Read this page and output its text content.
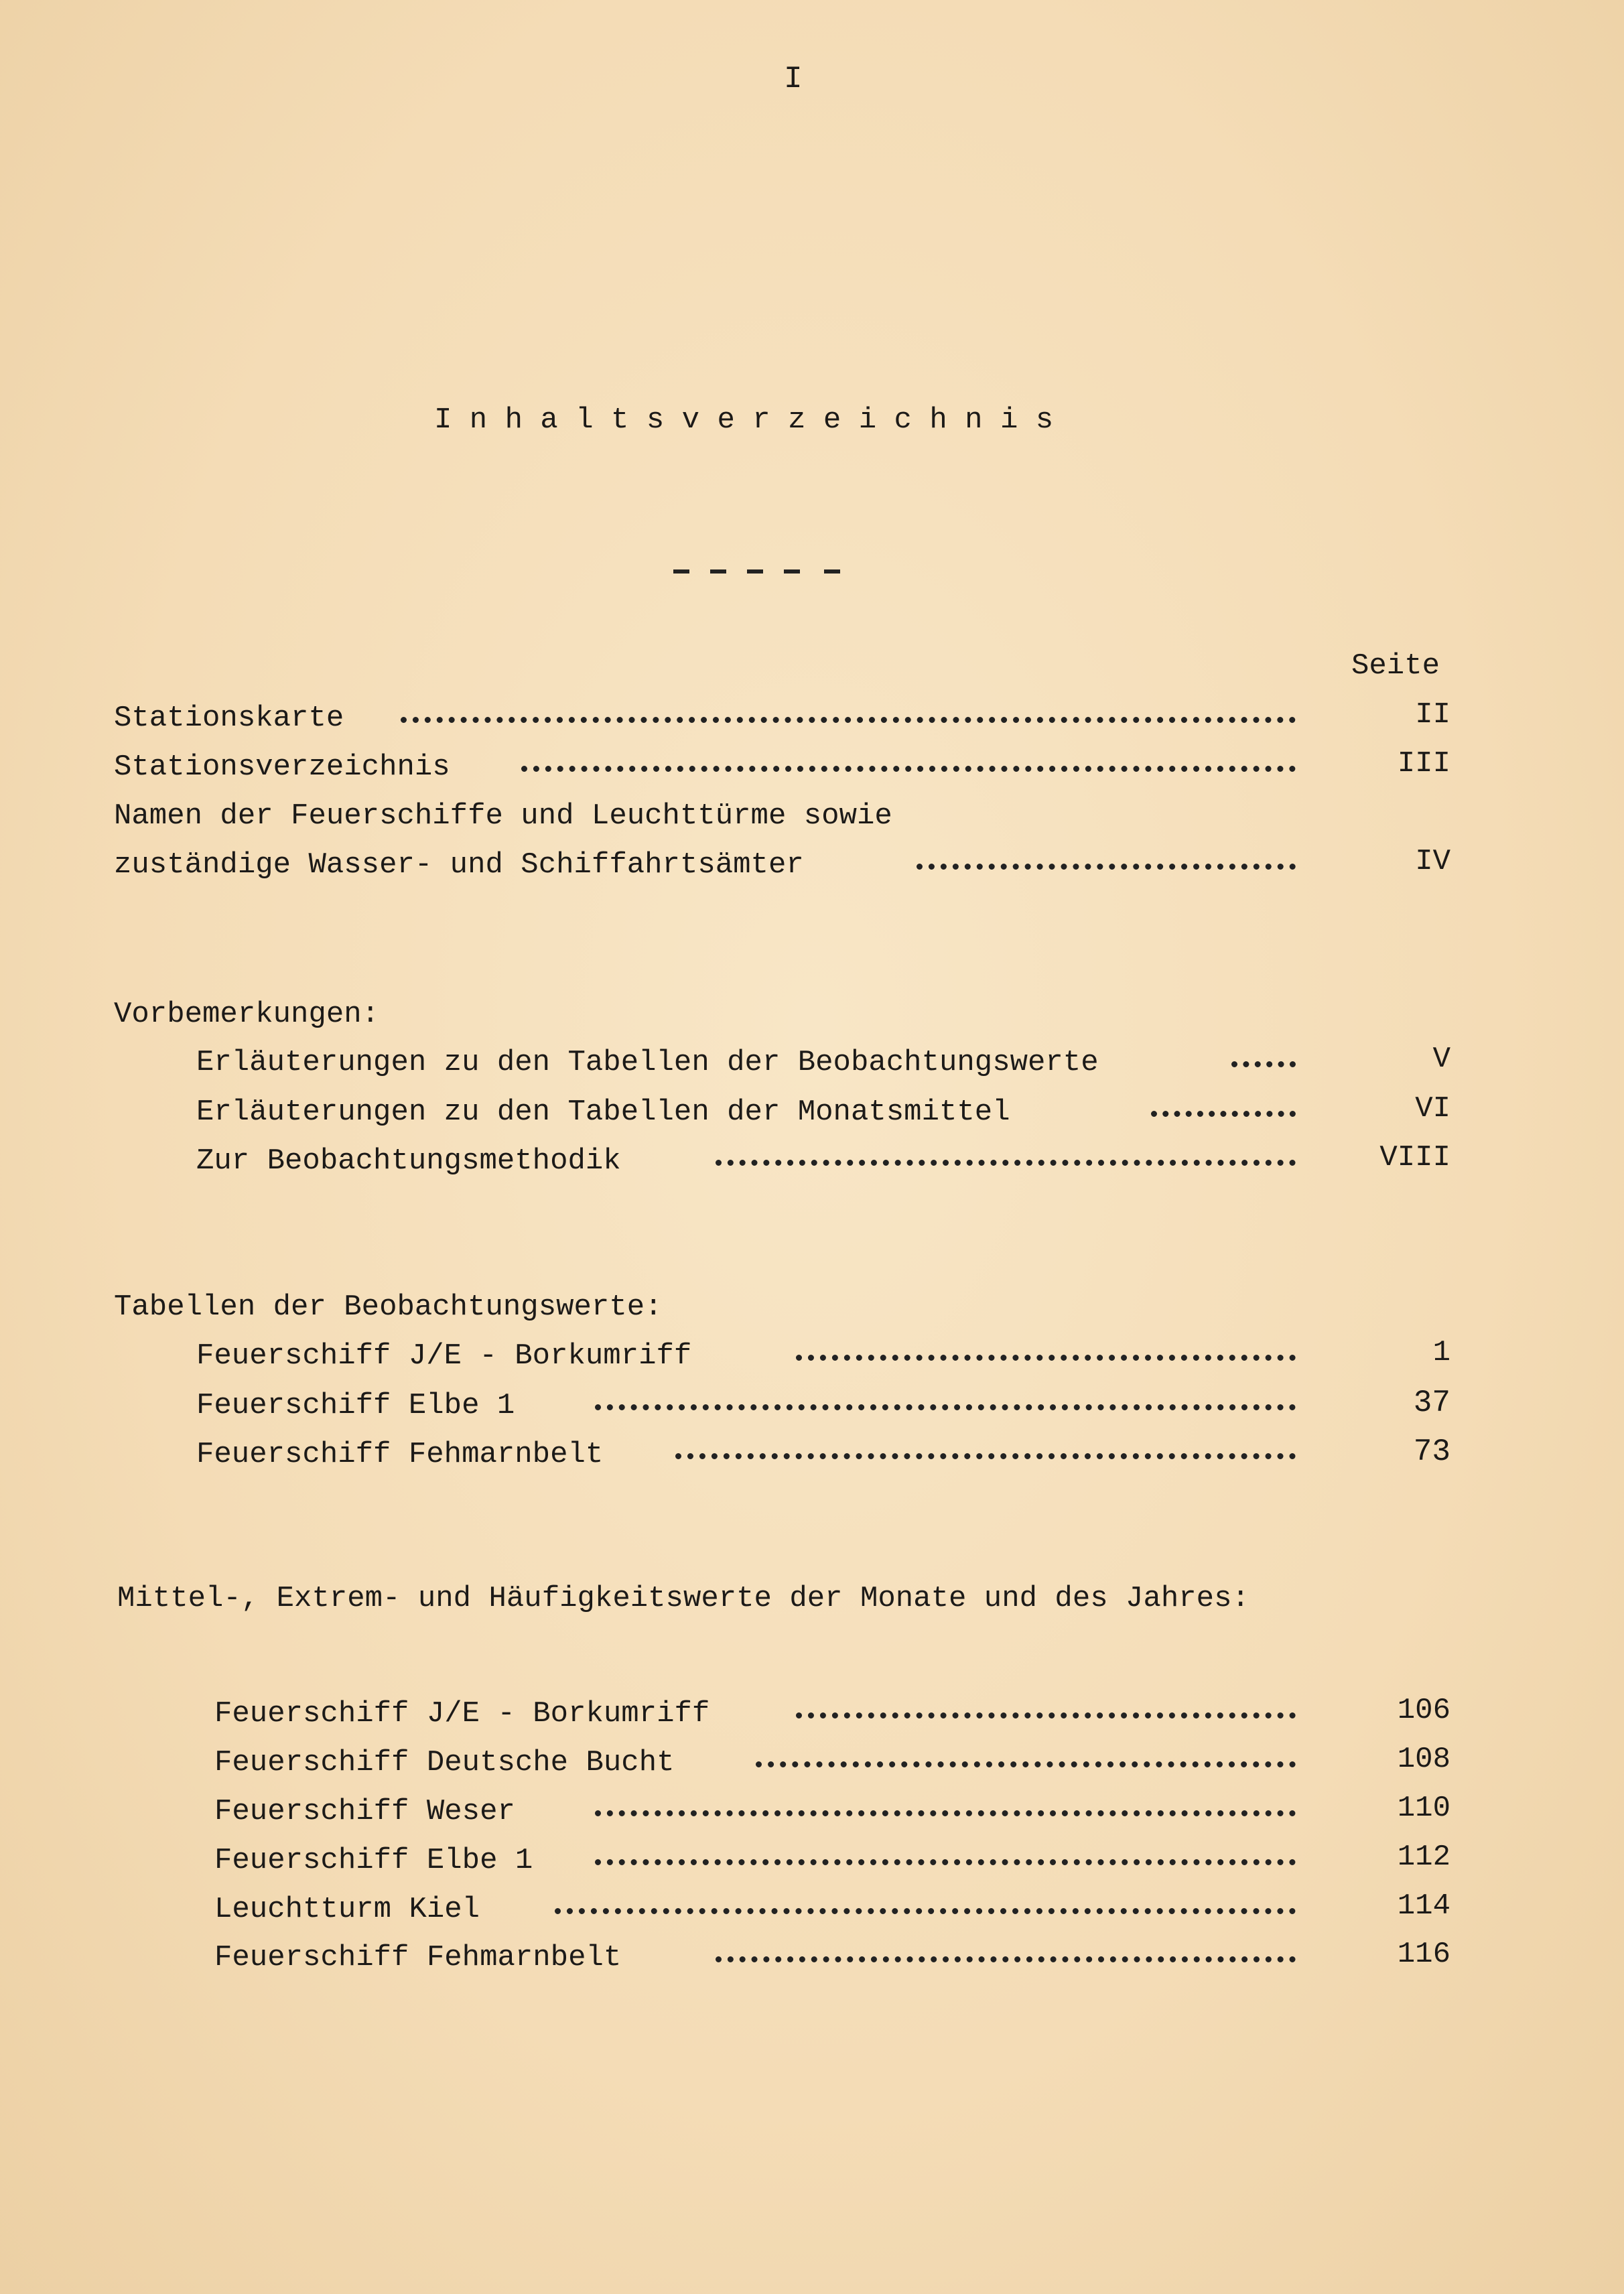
I
I n h a l t s v e r z e i c h n i s
Seite
Stationskarte	II
Stationsverzeichnis	III
Namen der Feuerschiffe und Leuchttürme sowie
zuständige Wasser- und Schiffahrtsämter	IV
Vorbemerkungen:
Erläuterungen zu den Tabellen der Beobachtungswerte	V
Erläuterungen zu den Tabellen der Monatsmittel	VI
Zur Beobachtungsmethodik	VIII
Tabellen der Beobachtungswerte:
Feuerschiff J/E - Borkumriff	1
Feuerschiff Elbe 1	37
Feuerschiff Fehmarnbelt	73
Mittel-, Extrem- und Häufigkeitswerte der Monate und des Jahres:
Feuerschiff J/E - Borkumriff	106
Feuerschiff Deutsche Bucht	108
Feuerschiff Weser	110
Feuerschiff Elbe 1	112
Leuchtturm Kiel	114
Feuerschiff Fehmarnbelt	116
